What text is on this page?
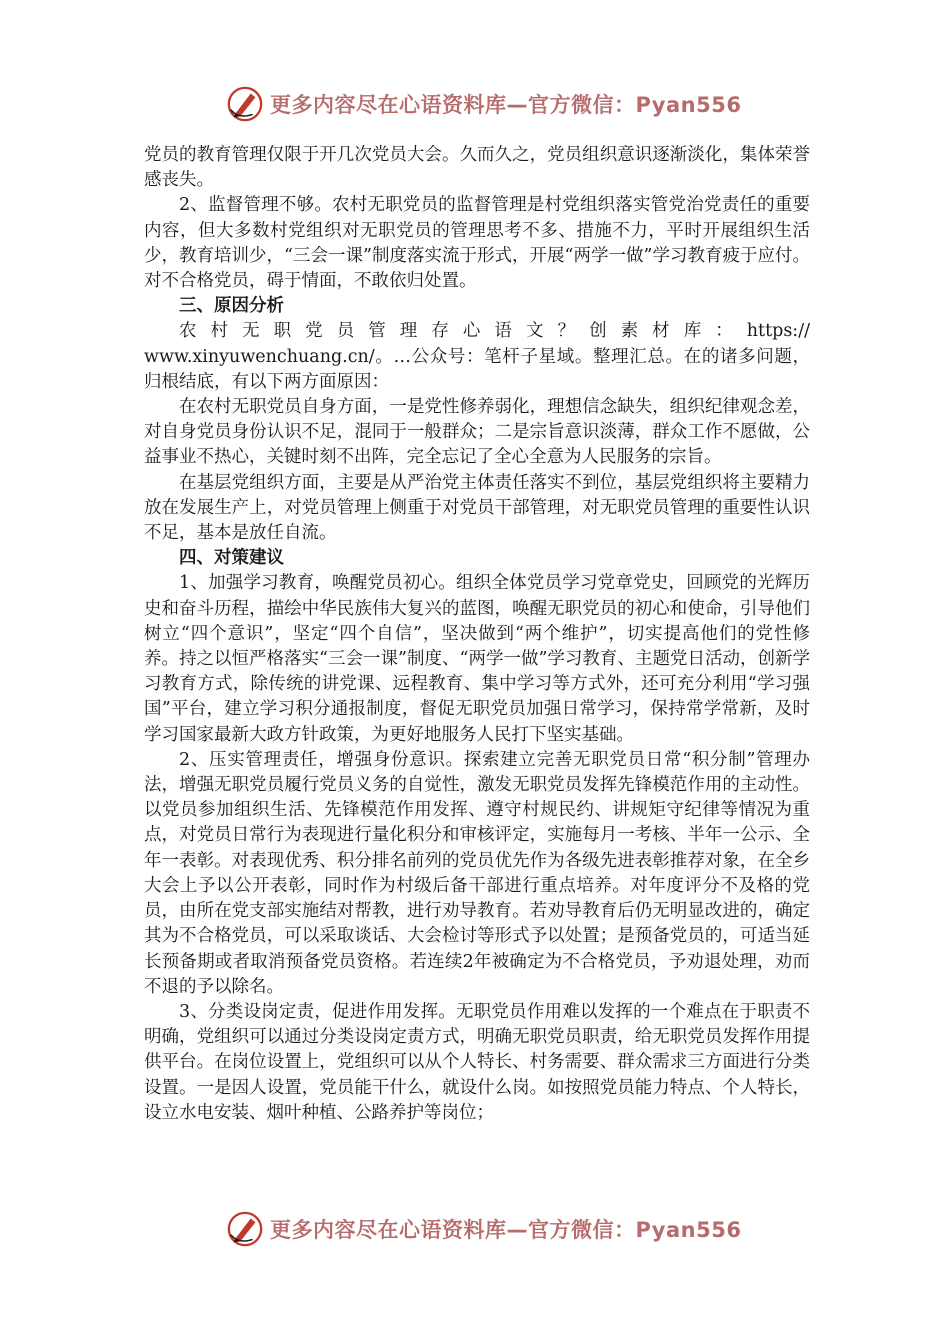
更多内容尽在心语资料库—官方微信：Pyan556

党员的教育管理仅限于开几次党员大会。久而久之，党员组织意识逐渐淡化，集体荣誉感丧失。

2、监督管理不够。农村无职党员的监督管理是村党组织落实管党治党责任的重要内容，但大多数村党组织对无职党员的管理思考不多、措施不力，平时开展组织生活少，教育培训少，“三会一课”制度落实流于形式，开展“两学一做”学习教育疲于应付。对不合格党员，碍于情面，不敢依归处置。

三、原因分析

农村无职党员管理存心语文？创素材库：https://

www.xinyuwenchuang.cn/。…公众号：笔杆子星域。整理汇总。在的诸多问题，归根结底，有以下两方面原因：

在农村无职党员自身方面，一是党性修养弱化，理想信念缺失，组织纪律观念差，对自身党员身份认识不足，混同于一般群众；二是宗旨意识淡薄，群众工作不愿做，公益事业不热心，关键时刻不出阵，完全忘记了全心全意为人民服务的宗旨。

在基层党组织方面，主要是从严治党主体责任落实不到位，基层党组织将主要精力放在发展生产上，对党员管理上侧重于对党员干部管理，对无职党员管理的重要性认识不足，基本是放任自流。

四、对策建议

1、加强学习教育，唤醒党员初心。组织全体党员学习党章党史，回顾党的光辉历史和奋斗历程，描绘中华民族伟大复兴的蓝图，唤醒无职党员的初心和使命，引导他们树立“四个意识”，坚定“四个自信”，坚决做到“两个维护”，切实提高他们的党性修养。持之以恒严格落实“三会一课”制度、“两学一做”学习教育、主题党日活动，创新学习教育方式，除传统的讲党课、远程教育、集中学习等方式外，还可充分利用“学习强国”平台，建立学习积分通报制度，督促无职党员加强日常学习，保持常学常新，及时学习国家最新大政方针政策，为更好地服务人民打下坚实基础。

2、压实管理责任，增强身份意识。探索建立完善无职党员日常“积分制”管理办法，增强无职党员履行党员义务的自觉性，激发无职党员发挥先锋模范作用的主动性。以党员参加组织生活、先锋模范作用发挥、遵守村规民约、讲规矩守纪律等情况为重点，对党员日常行为表现进行量化积分和审核评定，实施每月一考核、半年一公示、全年一表彰。对表现优秀、积分排名前列的党员优先作为各级先进表彰推荐对象，在全乡大会上予以公开表彰，同时作为村级后备干部进行重点培养。对年度评分不及格的党员，由所在党支部实施结对帮教，进行劝导教育。若劝导教育后仍无明显改进的，确定其为不合格党员，可以采取谈话、大会检讨等形式予以处置；是预备党员的，可适当延长预备期或者取消预备党员资格。若连续2年被确定为不合格党员，予劝退处理，劝而不退的予以除名。

3、分类设岗定责，促进作用发挥。无职党员作用难以发挥的一个难点在于职责不明确，党组织可以通过分类设岗定责方式，明确无职党员职责，给无职党员发挥作用提供平台。在岗位设置上，党组织可以从个人特长、村务需要、群众需求三方面进行分类设置。一是因人设置，党员能干什么，就设什么岗。如按照党员能力特点、个人特长，设立水电安装、烟叶种植、公路养护等岗位；

更多内容尽在心语资料库—官方微信：Pyan556
